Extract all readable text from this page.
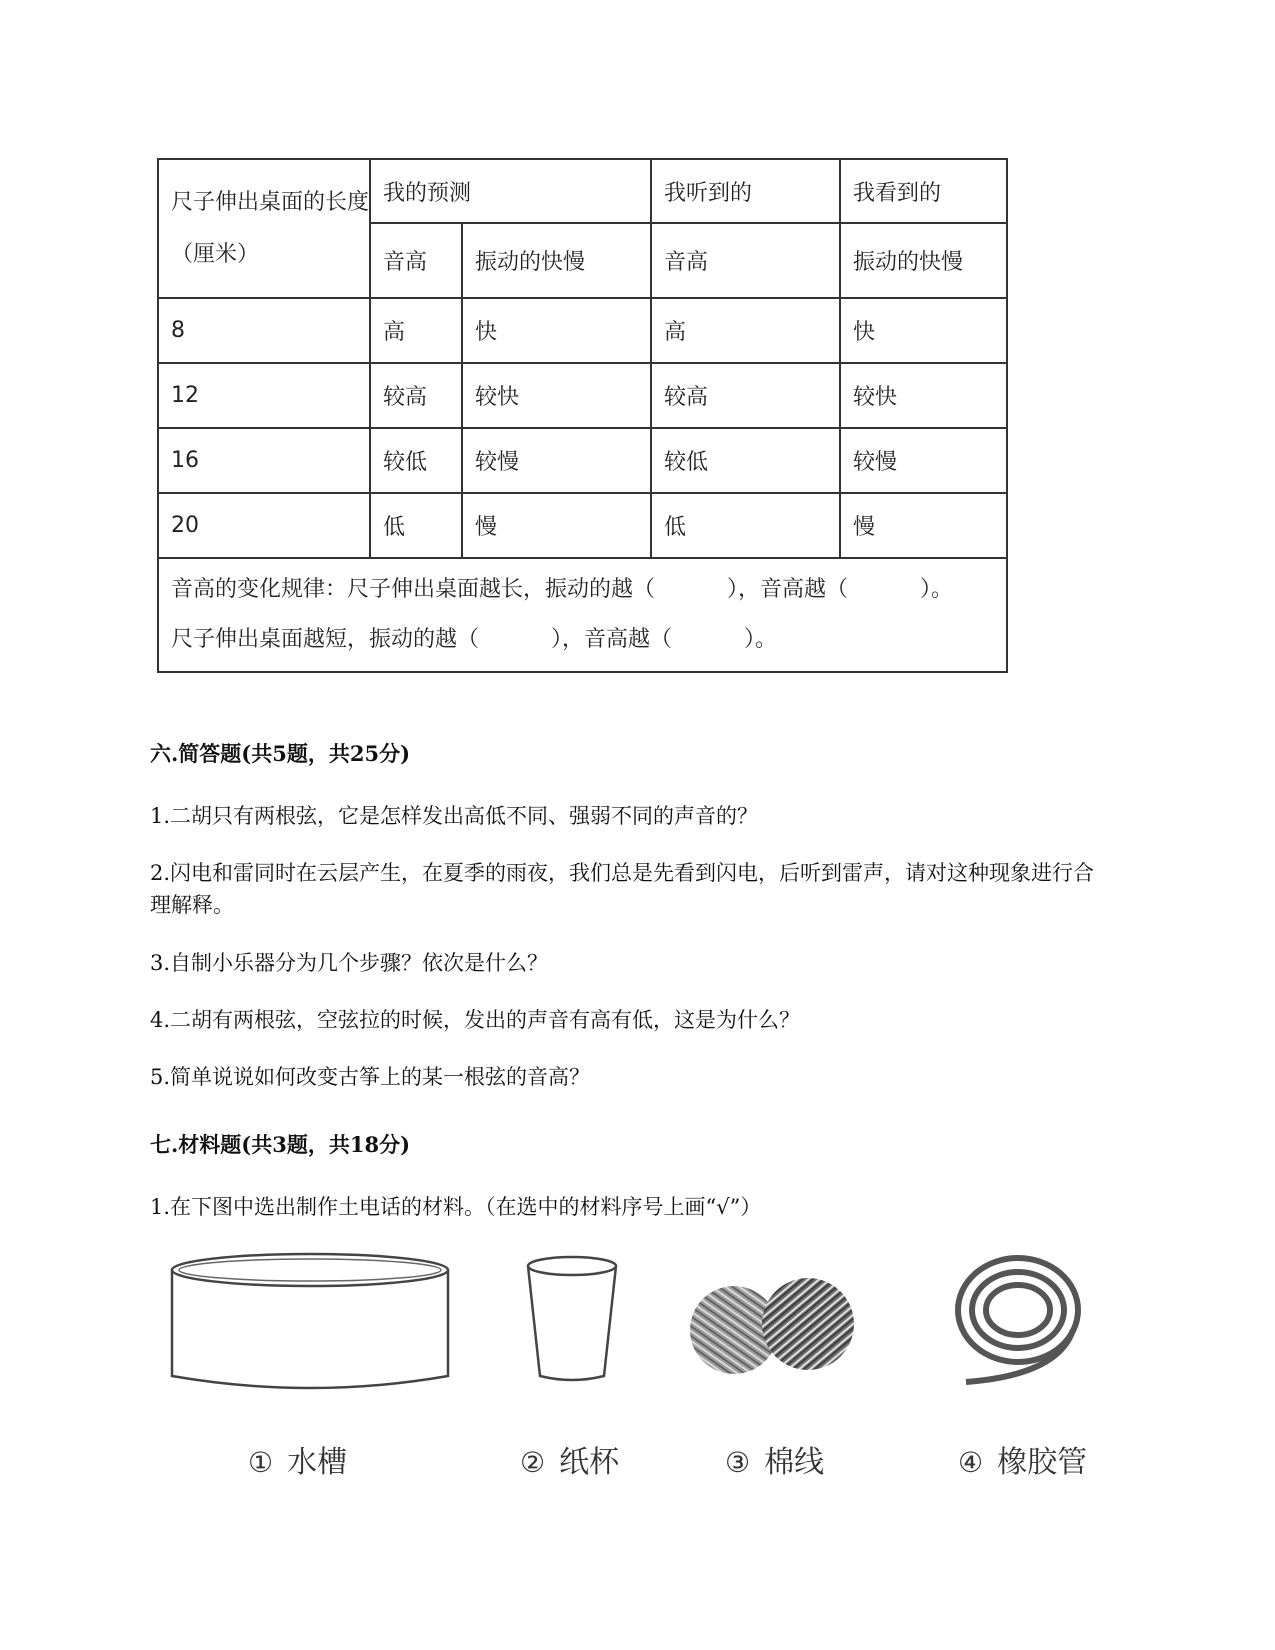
尺子伸出桌面的长度（厘米）	我的预测		我听到的	我看到的
	音高	振动的快慢	音高	振动的快慢
8	高	快	高	快
12	较高	较快	较高	较快
16	较低	较慢	较低	较慢
20	低	慢	低	慢
音高的变化规律：尺子伸出桌面越长，振动的越（ ），音高越（ ）。
尺子伸出桌面越短，振动的越（ ），音高越（ ）。				
六.简答题(共5题，共25分)
1.二胡只有两根弦，它是怎样发出高低不同、强弱不同的声音的？
2.闪电和雷同时在云层产生，在夏季的雨夜，我们总是先看到闪电，后听到雷声，请对这种现象进行合理解释。
3.自制小乐器分为几个步骤？依次是什么？
4.二胡有两根弦，空弦拉的时候，发出的声音有高有低，这是为什么？
5.简单说说如何改变古筝上的某一根弦的音高？
七.材料题(共3题，共18分)
1.在下图中选出制作土电话的材料。（在选中的材料序号上画“√”）
① 水槽	② 纸杯	③ 棉线	④ 橡胶管
